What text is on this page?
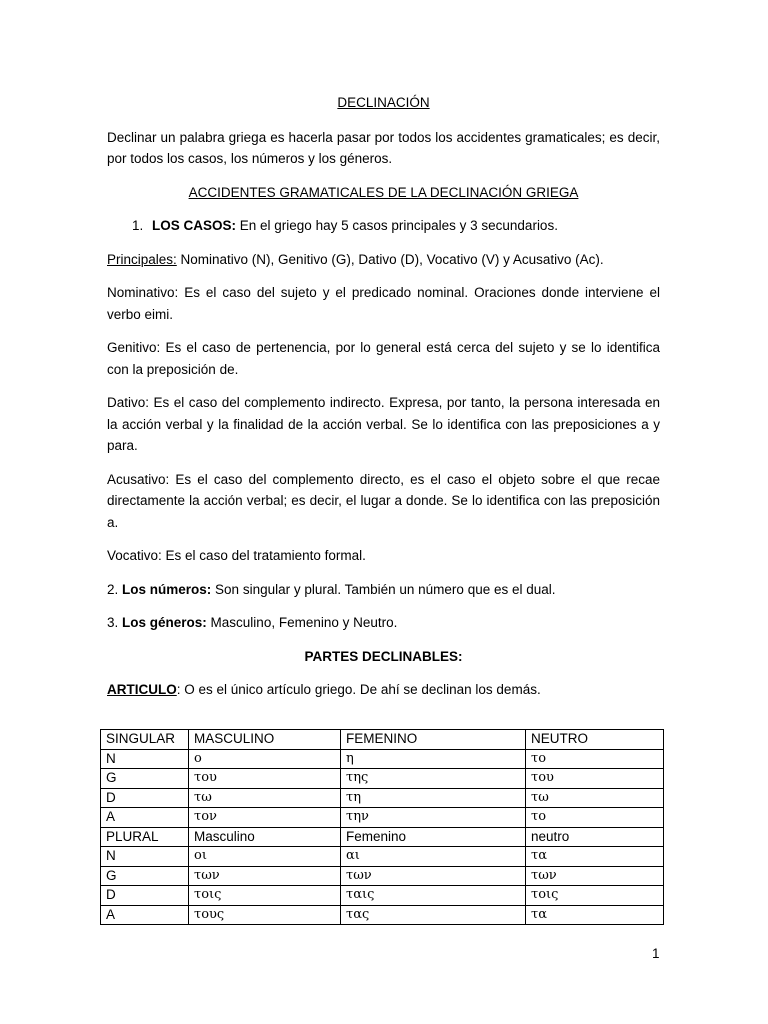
DECLINACIÓN

Declinar un palabra griega es hacerla pasar por todos los accidentes gramaticales; es decir, por todos los casos, los números y los géneros.

ACCIDENTES GRAMATICALES DE LA DECLINACIÓN GRIEGA

1. LOS CASOS: En el griego hay 5 casos principales y 3 secundarios.

Principales: Nominativo (N), Genitivo (G), Dativo (D), Vocativo (V) y Acusativo (Ac).

Nominativo: Es el caso del sujeto y el predicado nominal. Oraciones donde interviene el verbo eimi.

Genitivo: Es el caso de pertenencia, por lo general está cerca del sujeto y se lo identifica con la preposición de.

Dativo: Es el caso del complemento indirecto. Expresa, por tanto, la persona interesada en la acción verbal y la finalidad de la acción verbal. Se lo identifica con las preposiciones a y para.

Acusativo: Es el caso del complemento directo, es el caso el objeto sobre el que recae directamente la acción verbal; es decir, el lugar a donde. Se lo identifica con las preposición a.

Vocativo: Es el caso del tratamiento formal.

2. Los números: Son singular y plural. También un número que es el dual.

3. Los géneros: Masculino, Femenino y Neutro.

PARTES DECLINABLES:

ARTICULO: O es el único artículo griego. De ahí se declinan los demás.

SINGULAR	MASCULINO	FEMENINO	NEUTRO
N	ο	η	το
G	του	της	του
D	τω	τη	τω
A	τον	την	το
PLURAL	Masculino	Femenino	neutro
N	οι	αι	τα
G	των	των	των
D	τοις	ταις	τοις
A	τους	τας	τα
1
